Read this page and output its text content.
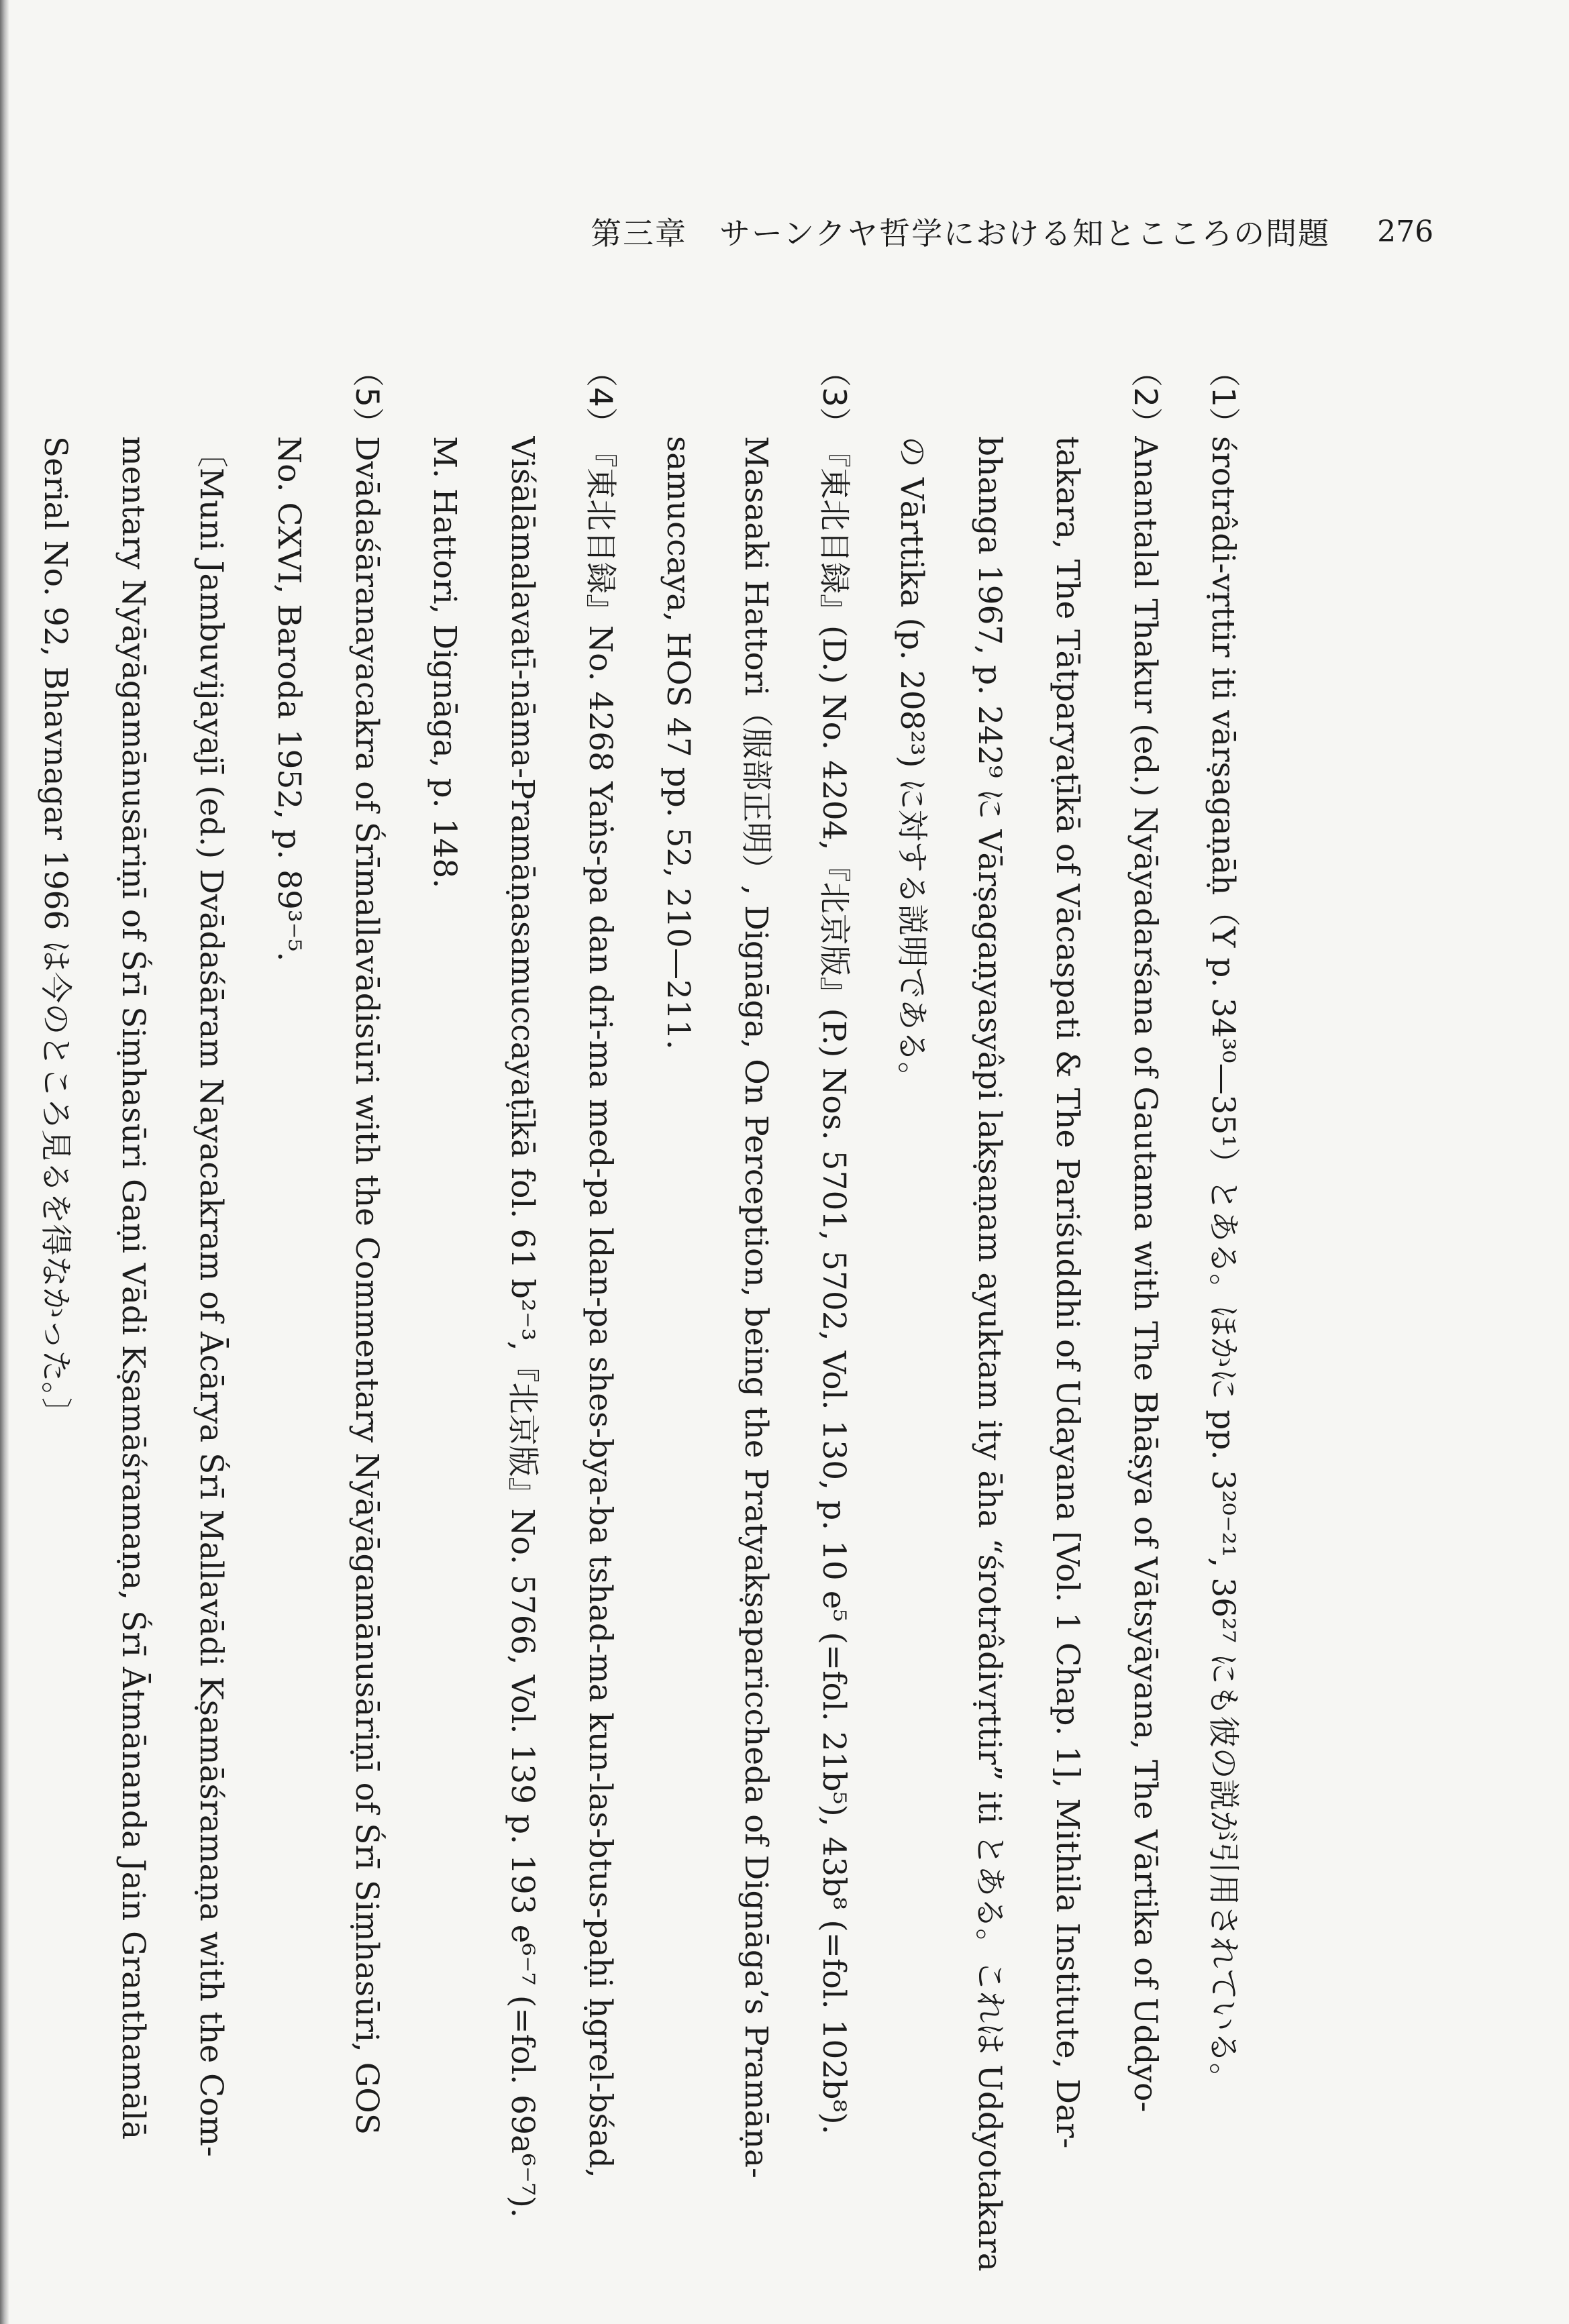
第三章　サーンクヤ哲学における知とこころの問題 276
（1）
śrotrâdi-vṛttir iti vārṣagaṇāḥ（Y p. 34³⁰—35¹）とある。ほかに pp. 3²⁰⁻²¹, 36²⁷ にも彼の説が引用されている。
（2）
Anantalal Thakur (ed.) Nyāyadarśana of Gautama with The Bhāṣya of Vātsyāyana, The Vārtika of Uddyo-
takara, The Tātparyaṭīkā of Vācaspati & The Pariśuddhi of Udayana [Vol. 1 Chap. 1], Mithila Institute, Dar-
bhanga 1967, p. 242⁹ に Vārṣagaṇyasyâpi lakṣaṇam ayuktam ity āha “śrotrâdivṛttir” iti とある。これは Uddyotakara
の Vārttika (p. 208²³) に対する説明である。
（3）
『東北目録』(D.) No. 4204,『北京版』(P.) Nos. 5701, 5702, Vol. 130, p. 10 e⁵ (=fol. 21b⁵), 43b⁸ (=fol. 102b⁸).
Masaaki Hattori（服部正明）, Dignāga, On Perception, being the Pratyakṣapariccheda of Dignāga’s Pramāṇa-
samuccaya, HOS 47 pp. 52, 210—211.
（4）
『東北目録』No. 4268 Yaṅs-pa dan dri-ma med-pa ldan-pa shes-bya-ba tshad-ma kun-las-btus-paḥi ḥgrel-bśad,
Viśālāmalavatī-nāma-Pramāṇasamuccayaṭīkā fol. 61 b²⁻³,『北京版』No. 5766, Vol. 139 p. 193 e⁶⁻⁷ (=fol. 69a⁶⁻⁷).
M. Hattori, Dignāga, p. 148.
（5）
Dvādaśāranayacakra of Śrīmallavādisūri with the Commentary Nyāyāgamānusāriṇī of Śrī Siṃhasūri, GOS
No. CXVI, Baroda 1952, p. 89³⁻⁵.
〔Muni Jambuvijayajī (ed.) Dvādaśāram Nayacakram of Ācārya Śrī Mallavādi Kṣamāśramaṇa with the Com-
mentary Nyāyāgamānusāriṇī of Śrī Siṃhasūri Gaṇi Vādi Kṣamāśramaṇa, Śrī Ātmānanda Jain Granthamālā
Serial No. 92, Bhavnagar 1966 は今のところ見るを得なかった。〕
